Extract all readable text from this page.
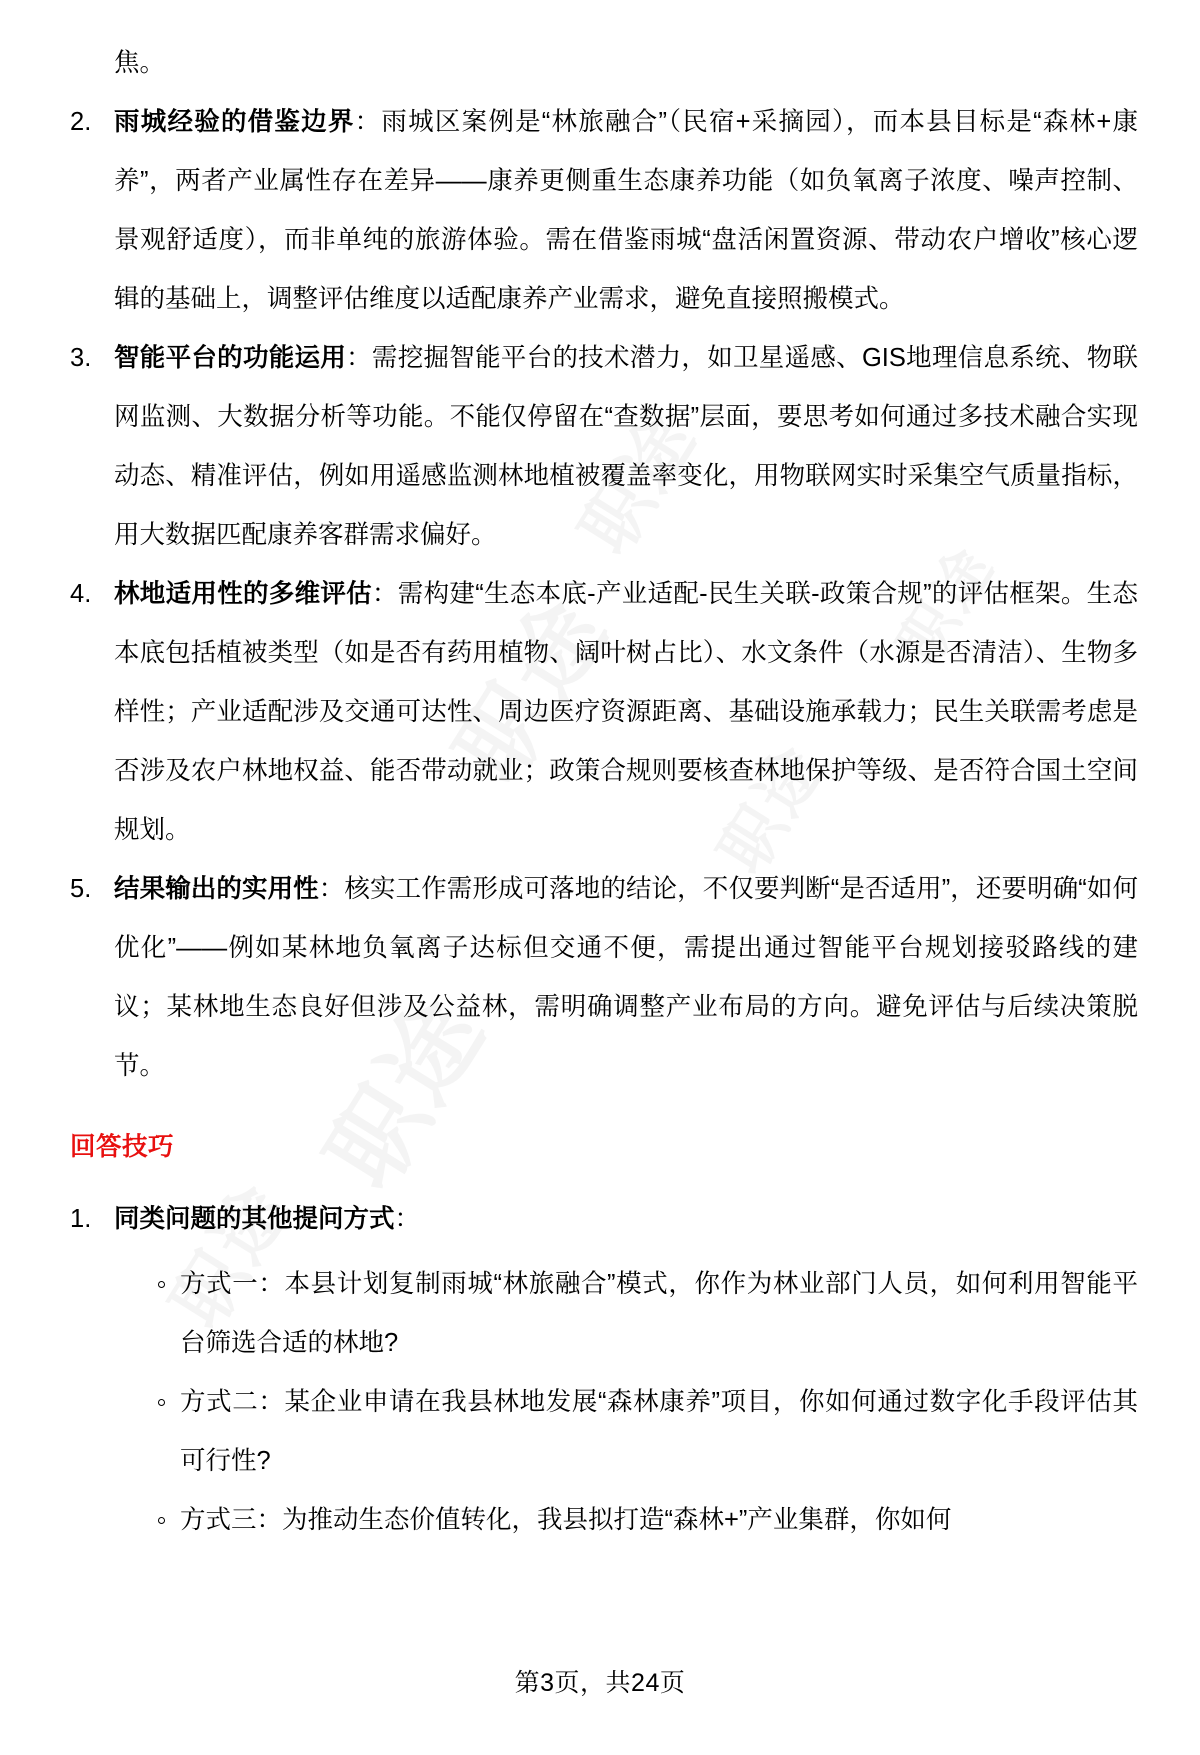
焦。

雨城经验的借鉴边界：雨城区案例是“林旅融合”（民宿+采摘园），而本县目标是“森林+康养”，两者产业属性存在差异——康养更侧重生态康养功能（如负氧离子浓度、噪声控制、景观舒适度），而非单纯的旅游体验。需在借鉴雨城“盘活闲置资源、带动农户增收”核心逻辑的基础上，调整评估维度以适配康养产业需求，避免直接照搬模式。
智能平台的功能运用：需挖掘智能平台的技术潜力，如卫星遥感、GIS地理信息系统、物联网监测、大数据分析等功能。不能仅停留在“查数据”层面，要思考如何通过多技术融合实现动态、精准评估，例如用遥感监测林地植被覆盖率变化，用物联网实时采集空气质量指标，用大数据匹配康养客群需求偏好。
林地适用性的多维评估：需构建“生态本底-产业适配-民生关联-政策合规”的评估框架。生态本底包括植被类型（如是否有药用植物、阔叶树占比）、水文条件（水源是否清洁）、生物多样性；产业适配涉及交通可达性、周边医疗资源距离、基础设施承载力；民生关联需考虑是否涉及农户林地权益、能否带动就业；政策合规则要核查林地保护等级、是否符合国土空间规划。
结果输出的实用性：核实工作需形成可落地的结论，不仅要判断“是否适用”，还要明确“如何优化”——例如某林地负氧离子达标但交通不便，需提出通过智能平台规划接驳路线的建议；某林地生态良好但涉及公益林，需明确调整产业布局的方向。避免评估与后续决策脱节。
回答技巧
同类问题的其他提问方式：
方式一：本县计划复制雨城“林旅融合”模式，你作为林业部门人员，如何利用智能平台筛选合适的林地?
方式二：某企业申请在我县林地发展“森林康养”项目，你如何通过数字化手段评估其可行性?
方式三：为推动生态价值转化，我县拟打造“森林+”产业集群，你如何
第3页，共24页
